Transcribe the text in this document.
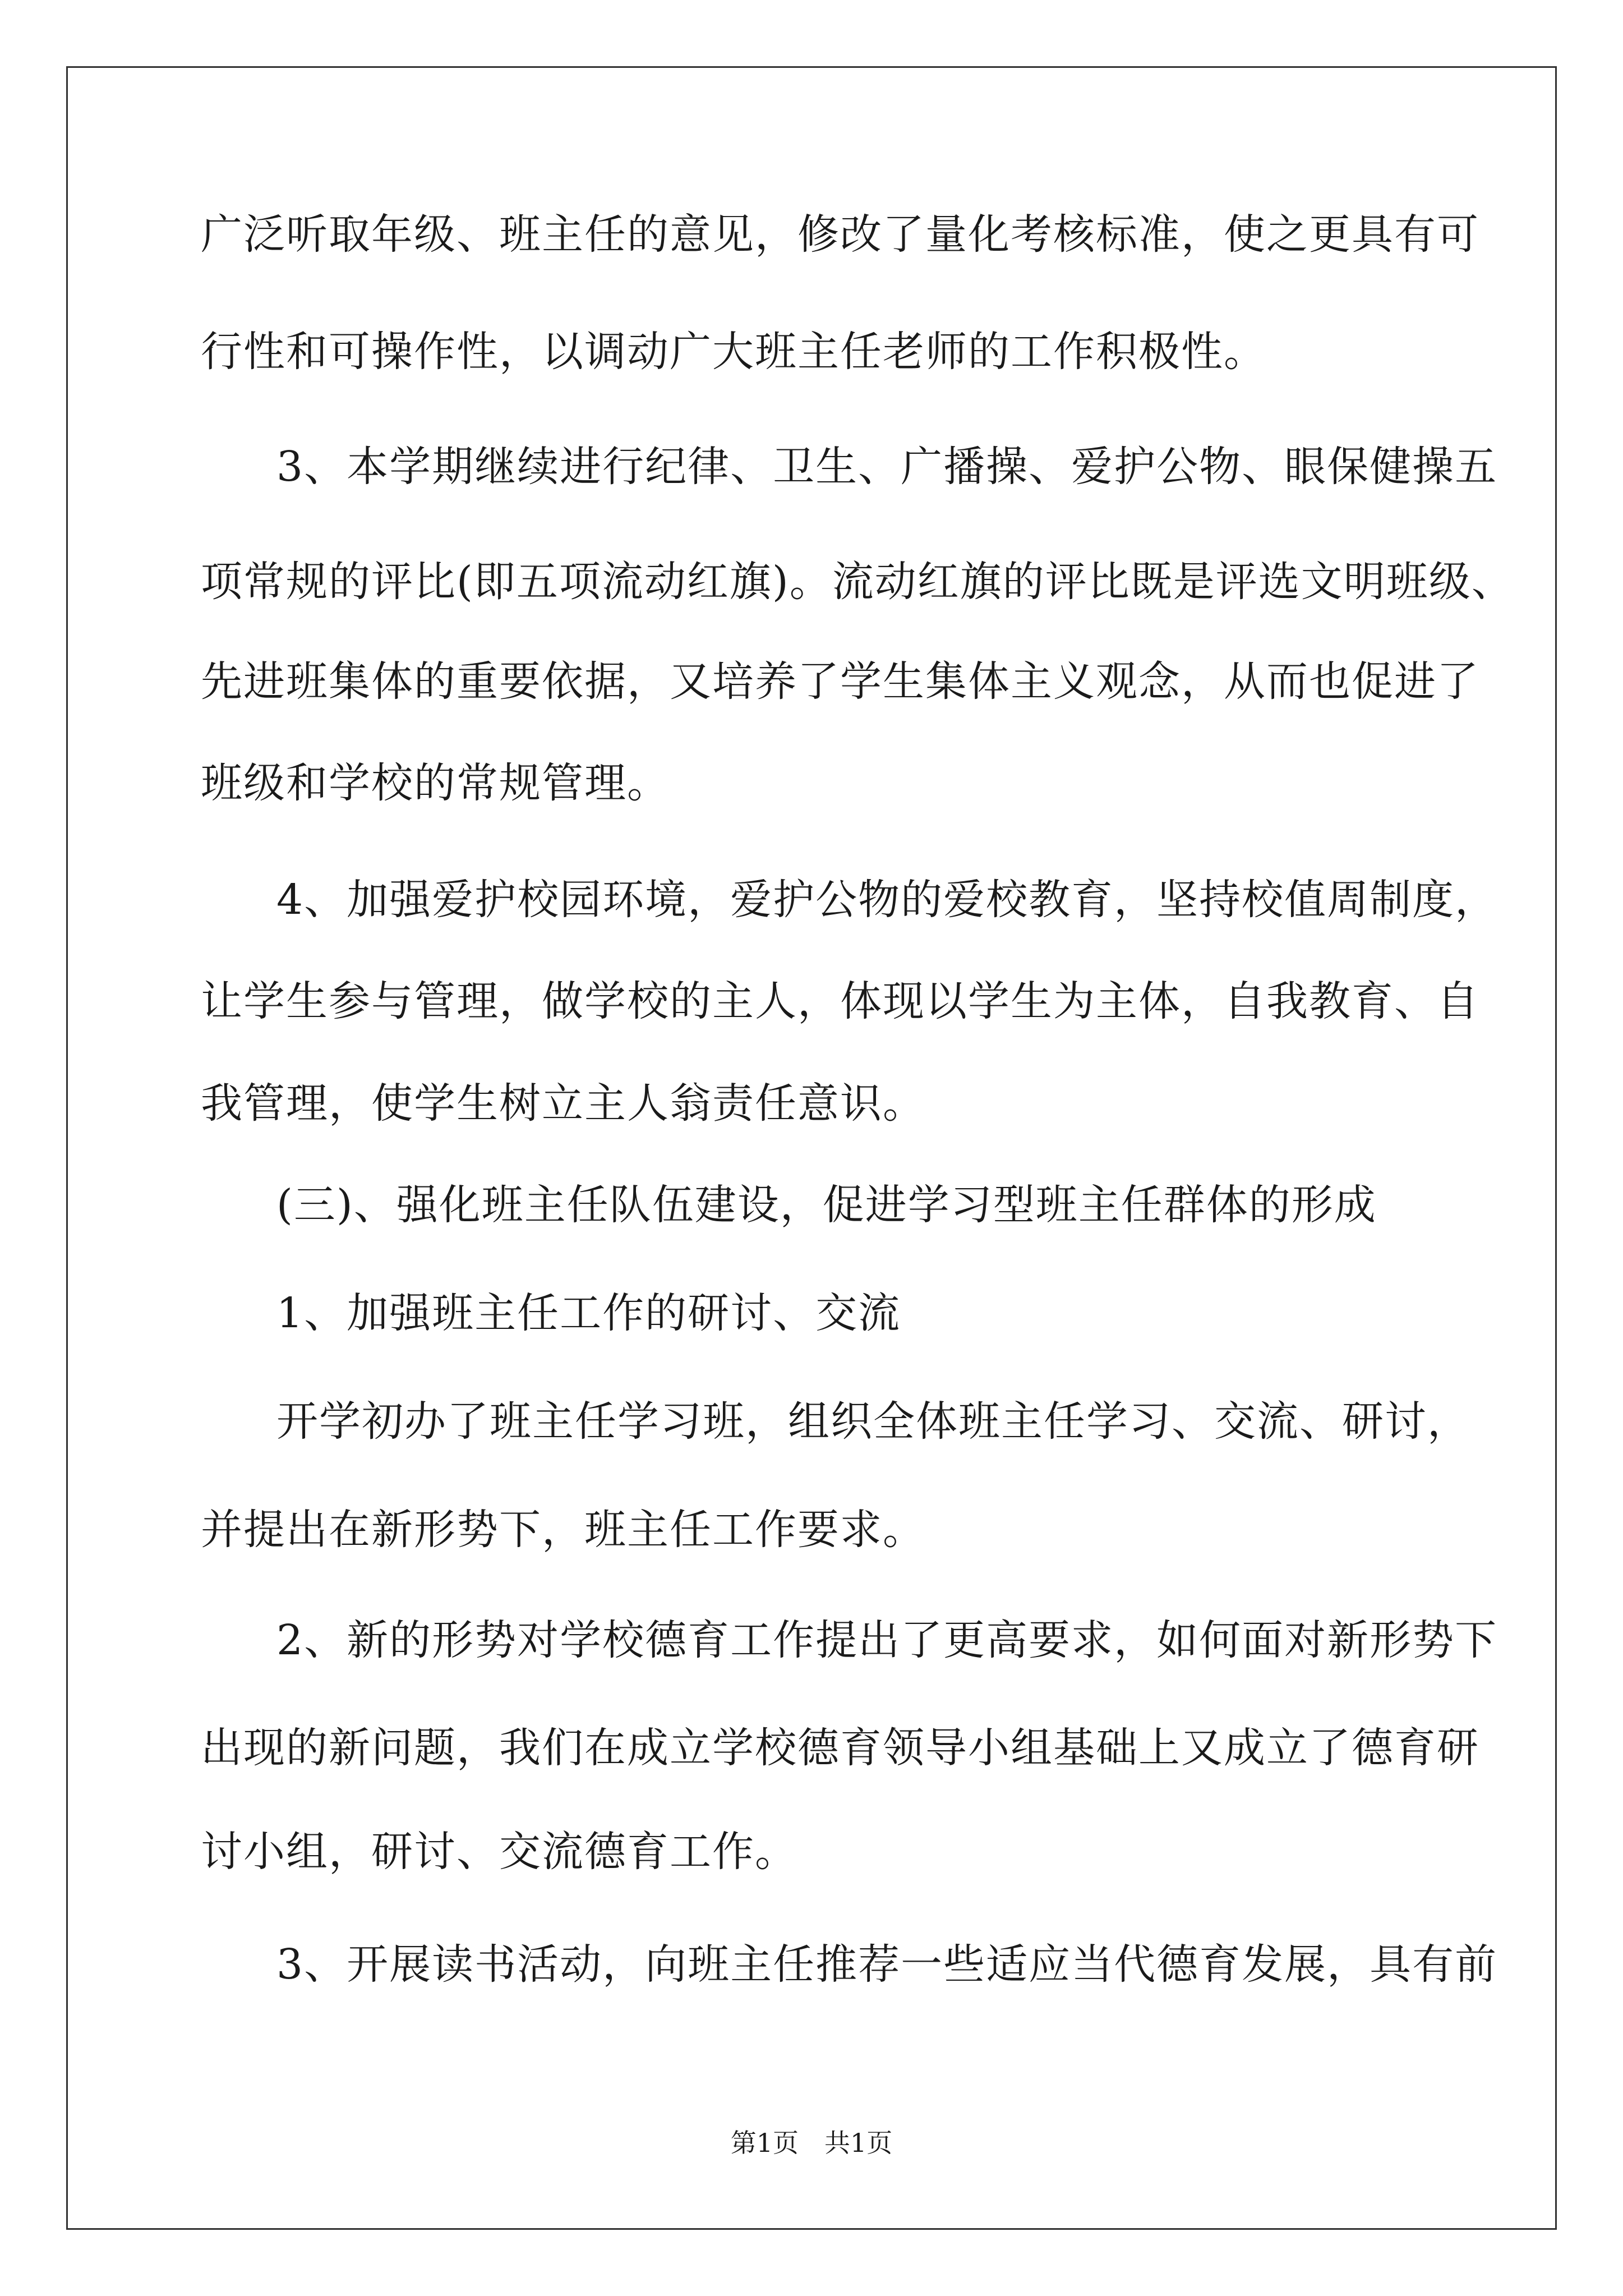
广泛听取年级、班主任的意见，修改了量化考核标准，使之更具有可
行性和可操作性，以调动广大班主任老师的工作积极性。
3、本学期继续进行纪律、卫生、广播操、爱护公物、眼保健操五
项常规的评比(即五项流动红旗)。流动红旗的评比既是评选文明班级、
先进班集体的重要依据，又培养了学生集体主义观念，从而也促进了
班级和学校的常规管理。
4、加强爱护校园环境，爱护公物的爱校教育，坚持校值周制度，
让学生参与管理，做学校的主人，体现以学生为主体，自我教育、自
我管理，使学生树立主人翁责任意识。
(三)、强化班主任队伍建设，促进学习型班主任群体的形成
1、加强班主任工作的研讨、交流
开学初办了班主任学习班，组织全体班主任学习、交流、研讨，
并提出在新形势下，班主任工作要求。
2、新的形势对学校德育工作提出了更高要求，如何面对新形势下
出现的新问题，我们在成立学校德育领导小组基础上又成立了德育研
讨小组，研讨、交流德育工作。
3、开展读书活动，向班主任推荐一些适应当代德育发展，具有前
第1页 共1页
